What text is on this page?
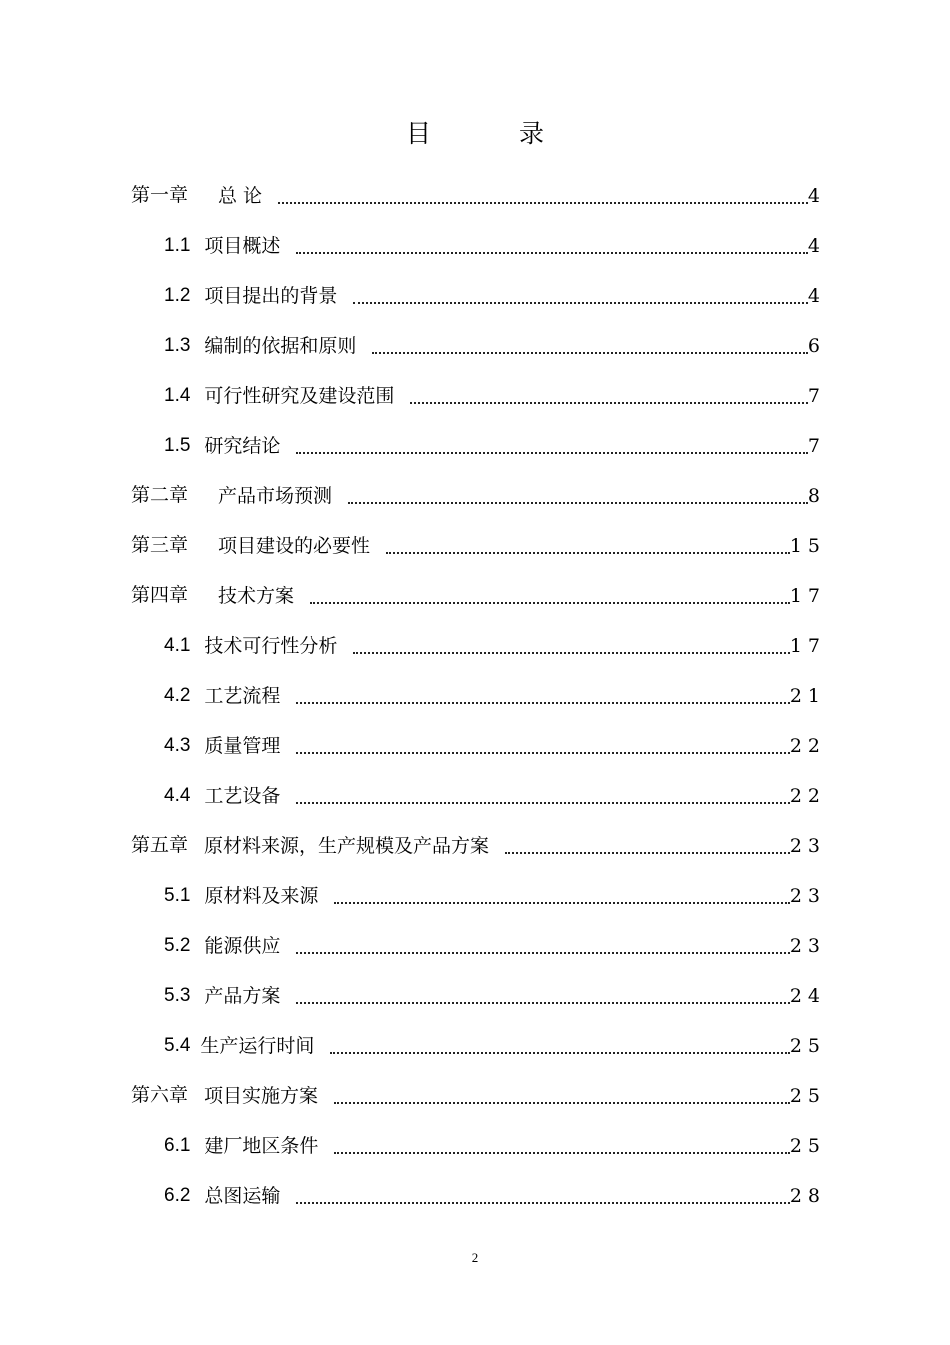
目 录
第一章	总 论	4
1.1 项目概述	4
1.2 项目提出的背景	4
1.3 编制的依据和原则	6
1.4 可行性研究及建设范围	7
1.5 研究结论	7
第二章	产品市场预测	8
第三章	项目建设的必要性	15
第四章	技术方案	17
4.1 技术可行性分析	17
4.2 工艺流程	21
4.3 质量管理	22
4.4 工艺设备	22
第五章 原材料来源，生产规模及产品方案	23
5.1 原材料及来源	23
5.2 能源供应	23
5.3 产品方案	24
5.4 生产运行时间	25
第六章 项目实施方案	25
6.1 建厂地区条件	25
6.2 总图运输	28
2
